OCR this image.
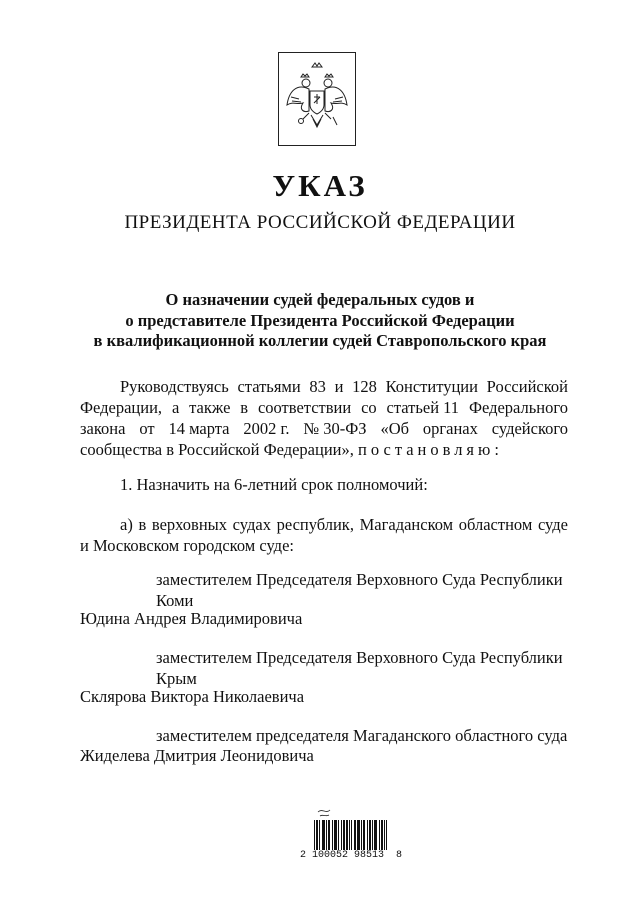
УКАЗ
ПРЕЗИДЕНТА РОССИЙСКОЙ ФЕДЕРАЦИИ
О назначении судей федеральных судов и
о представителе Президента Российской Федерации
в квалификационной коллегии судей Ставропольского края
Руководствуясь статьями 83 и 128 Конституции Российской
Федерации, а также в соответствии со статьей 11 Федерального
закона от 14 марта 2002 г. № 30-ФЗ «Об органах судейского
сообщества в Российской Федерации», постановляю:
1. Назначить на 6-летний срок полномочий:
а) в верховных судах республик, Магаданском областном суде
и Московском городском суде:
заместителем Председателя Верховного Суда Республики
Коми
Юдина Андрея Владимировича
заместителем Председателя Верховного Суда Республики
Крым
Склярова Виктора Николаевича
заместителем председателя Магаданского областного суда
Жиделева Дмитрия Леонидовича
2 100052 98513  8
